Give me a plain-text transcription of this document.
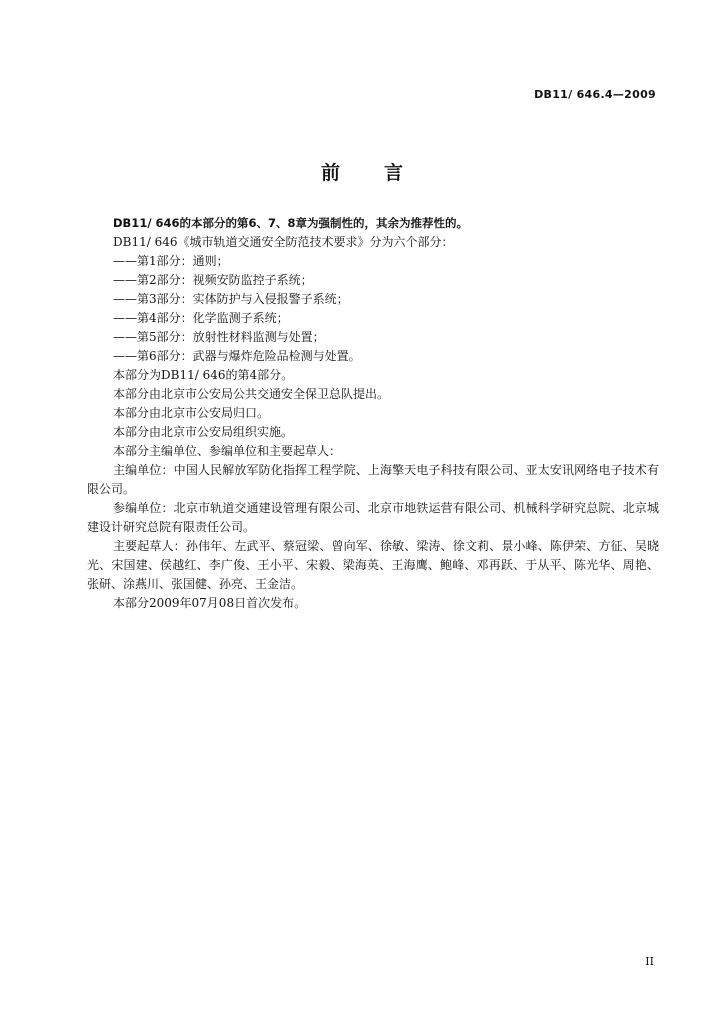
DB11/ 646.4—2009
前 言

DB11/ 646的本部分的第6、7、8章为强制性的，其余为推荐性的。

DB11/ 646《城市轨道交通安全防范技术要求》分为六个部分：

——第1部分：通则；

——第2部分：视频安防监控子系统；

——第3部分：实体防护与入侵报警子系统；

——第4部分：化学监测子系统；

——第5部分：放射性材料监测与处置；

——第6部分：武器与爆炸危险品检测与处置。

本部分为DB11/ 646的第4部分。

本部分由北京市公安局公共交通安全保卫总队提出。

本部分由北京市公安局归口。

本部分由北京市公安局组织实施。

本部分主编单位、参编单位和主要起草人：

主编单位：中国人民解放军防化指挥工程学院、上海擎天电子科技有限公司、亚太安讯网络电子技术有限公司。

参编单位：北京市轨道交通建设管理有限公司、北京市地铁运营有限公司、机械科学研究总院、北京城建设计研究总院有限责任公司。

主要起草人：孙伟年、左武平、蔡冠梁、曾向军、徐敏、梁涛、徐文莉、景小峰、陈伊荣、方征、吴晓光、宋国建、侯越红、李广俊、王小平、宋毅、梁海英、王海鹰、鲍峰、邓再跃、于从平、陈光华、周艳、张研、涂燕川、张国健、孙亮、王金洁。

本部分2009年07月08日首次发布。

II
